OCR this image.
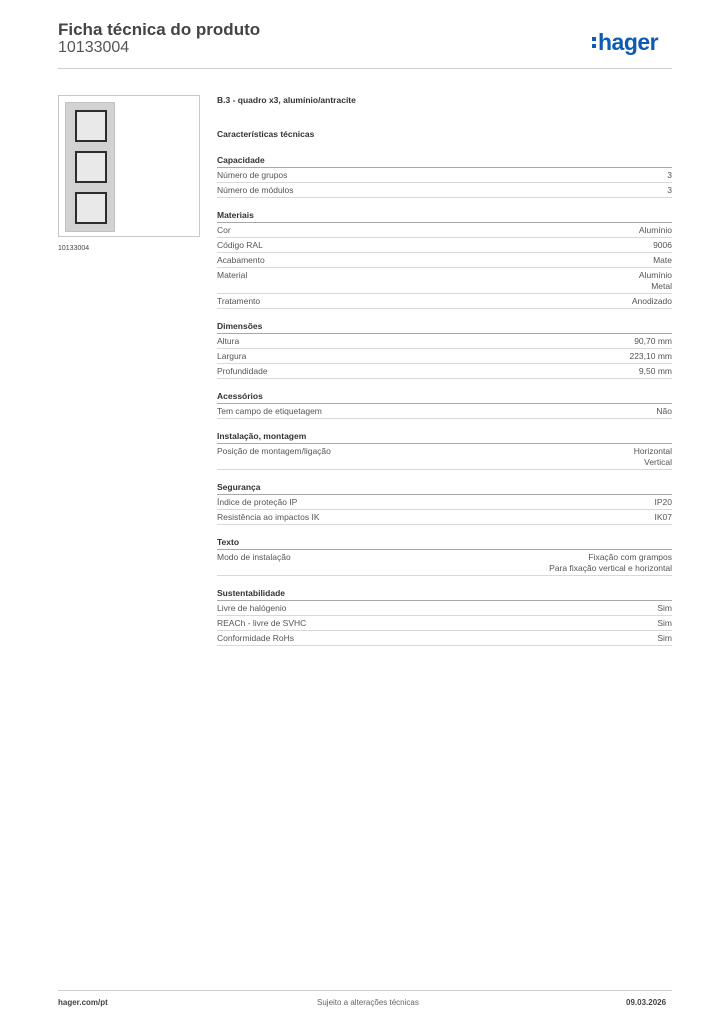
Ficha técnica do produto
10133004	hager
10133004
B.3 - quadro x3, alumínio/antracite
Características técnicas
Capacidade
Número de grupos	3
Número de módulos	3
Materiais
Cor	Alumínio
Código RAL	9006
Acabamento	Mate
Material	Alumínio
Metal
Tratamento	Anodizado
Dimensões
Altura	90,70 mm
Largura	223,10 mm
Profundidade	9,50 mm
Acessórios
Tem campo de etiquetagem	Não
Instalação, montagem
Posição de montagem/ligação	Horizontal
Vertical
Segurança
Índice de proteção IP	IP20
Resistência ao impactos IK	IK07
Texto
Modo de instalação	Fixação com grampos
Para fixação vertical e horizontal
Sustentabilidade
Livre de halógenio	Sim
REACh - livre de SVHC	Sim
Conformidade RoHs	Sim
hager.com/pt	Sujeito a alterações técnicas	09.03.2026
